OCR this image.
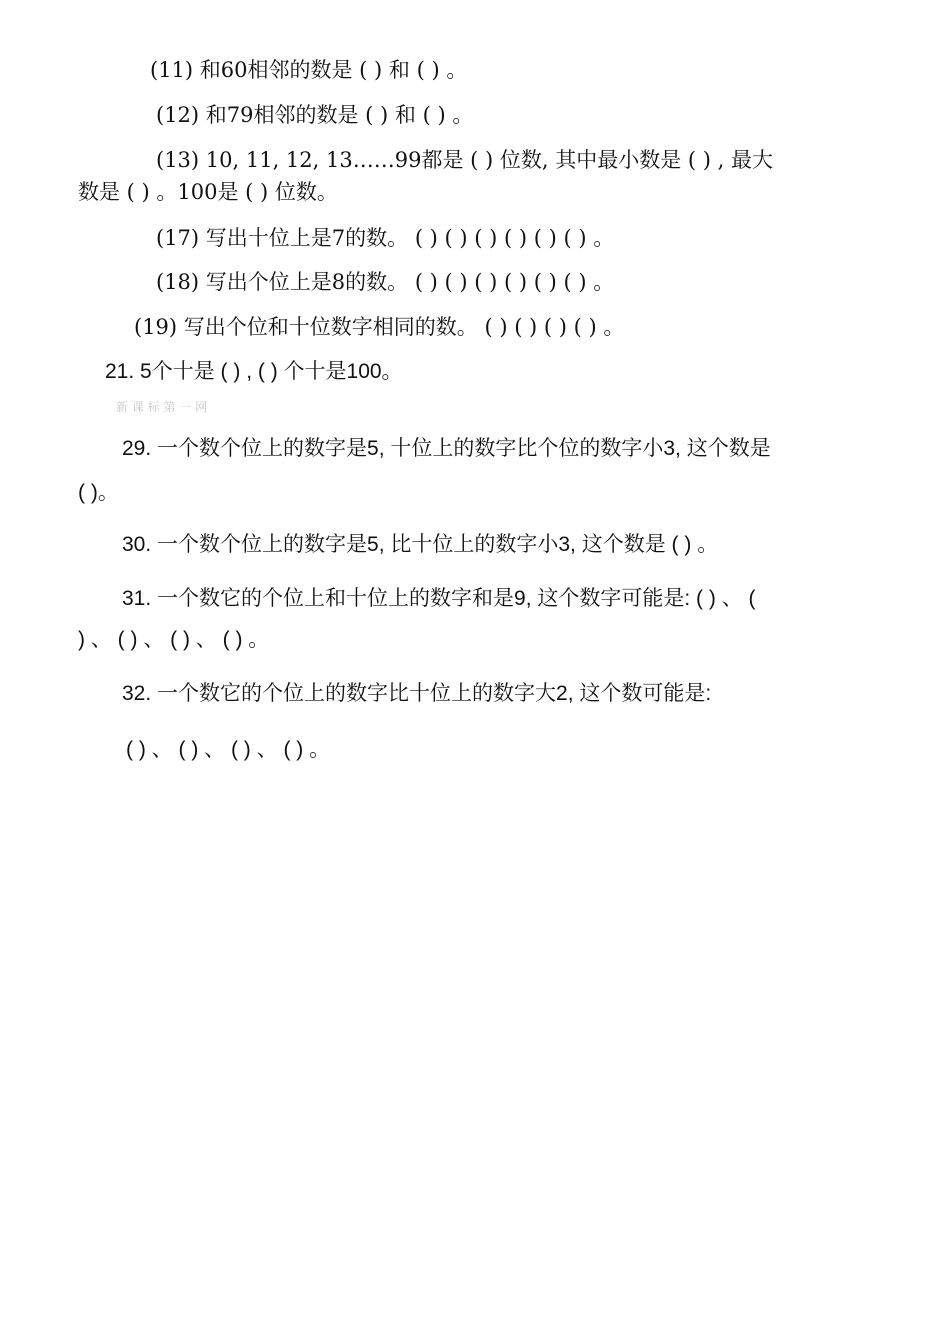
(11) 和60相邻的数是 ( ) 和 ( ) 。
(12) 和79相邻的数是 ( ) 和 ( ) 。
(13) 10, 11, 12, 13……99都是 ( ) 位数, 其中最小数是 ( ) , 最大
数是 ( ) 。100是 ( ) 位数。
(17) 写出十位上是7的数。 ( ) ( ) ( ) ( ) ( ) ( ) 。
(18) 写出个位上是8的数。 ( ) ( ) ( ) ( ) ( ) ( ) 。
(19) 写出个位和十位数字相同的数。 ( ) ( ) ( ) ( ) 。
21. 5个十是 ( ) , ( ) 个十是100。
新 课 标 第 一 网
29. 一个数个位上的数字是5, 十位上的数字比个位的数字小3, 这个数是
( )。
30. 一个数个位上的数字是5, 比十位上的数字小3, 这个数是 ( ) 。
31. 一个数它的个位上和十位上的数字和是9, 这个数字可能是: ( ) 、 (
) 、 ( ) 、 ( ) 、 ( ) 。
32. 一个数它的个位上的数字比十位上的数字大2, 这个数可能是:
( ) 、 ( ) 、 ( ) 、 ( ) 。
